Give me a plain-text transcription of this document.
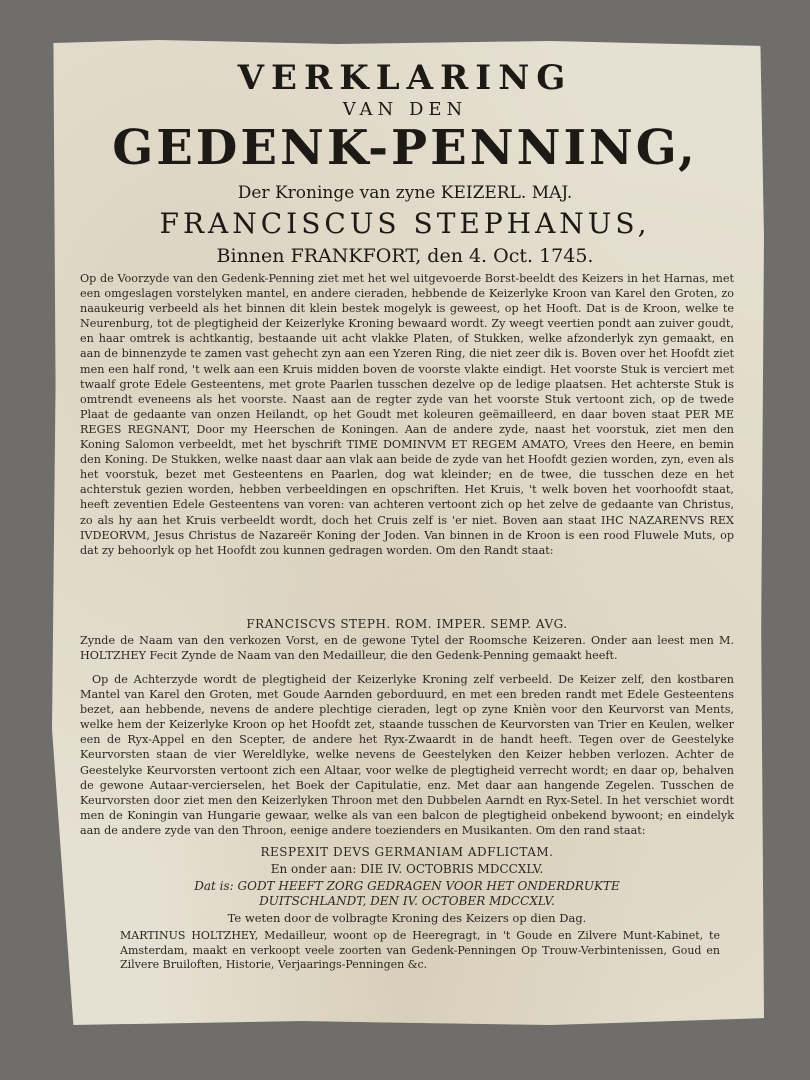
VERKLARING
VAN DEN
GEDENK-PENNING,
Der Kroninge van zyne KEIZERL. MAJ.
FRANCISCUS STEPHANUS,
Binnen FRANKFORT, den 4. Oct. 1745.

Op de Voorzyde van den Gedenk-Penning ziet met het wel uitgevoerde Borst-beeldt des Keizers in het Harnas, met een omgeslagen vorstelyken mantel, en andere cieraden, hebbende de Keizerlyke Kroon van Karel den Groten, zo naaukeurig verbeeld als het binnen dit klein bestek mogelyk is geweest, op het Hooft. Dat is de Kroon, welke te Neurenburg, tot de plegtigheid der Keizerlyke Kroning bewaard wordt. Zy weegt veertien pondt aan zuiver goudt, en haar omtrek is achtkantig, bestaande uit acht vlakke Platen, of Stukken, welke afzonderlyk zyn gemaakt, en aan de binnenzyde te zamen vast gehecht zyn aan een Yzeren Ring, die niet zeer dik is. Boven over het Hoofdt ziet men een half rond, 't welk aan een Kruis midden boven de voorste vlakte eindigt. Het voorste Stuk is verciert met twaalf grote Edele Gesteentens, met grote Paarlen tusschen dezelve op de ledige plaatsen. Het achterste Stuk is omtrendt eveneens als het voorste. Naast aan de regter zyde van het voorste Stuk vertoont zich, op de twede Plaat de gedaante van onzen Heilandt, op het Goudt met koleuren geëmailleerd, en daar boven staat PER ME REGES REGNANT, Door my Heerschen de Koningen. Aan de andere zyde, naast het voorstuk, ziet men den Koning Salomon verbeeldt, met het byschrift TIME DOMINVM ET REGEM AMATO, Vrees den Heere, en bemin den Koning. De Stukken, welke naast daar aan vlak aan beide de zyde van het Hoofdt gezien worden, zyn, even als het voorstuk, bezet met Gesteentens en Paarlen, dog wat kleinder; en de twee, die tusschen deze en het achterstuk gezien worden, hebben verbeeldingen en opschriften. Het Kruis, 't welk boven het voorhoofdt staat, heeft zeventien Edele Gesteentens van voren: van achteren vertoont zich op het zelve de gedaante van Christus, zo als hy aan het Kruis verbeeldt wordt, doch het Cruis zelf is 'er niet. Boven aan staat IHC NAZARENVS REX IVDEORVM, Jesus Christus de Nazareër Koning der Joden. Van binnen in de Kroon is een rood Fluwele Muts, op dat zy behoorlyk op het Hoofdt zou kunnen gedragen worden. Om den Randt staat:

FRANCISCVS STEPH. ROM. IMPER. SEMP. AVG.

Zynde de Naam van den verkozen Vorst, en de gewone Tytel der Roomsche Keizeren. Onder aan leest men M. HOLTZHEY Fecit Zynde de Naam van den Medailleur, die den Gedenk-Penning gemaakt heeft.

Op de Achterzyde wordt de plegtigheid der Keizerlyke Kroning zelf verbeeld. De Keizer zelf, den kostbaren Mantel van Karel den Groten, met Goude Aarnden geborduurd, en met een breden randt met Edele Gesteentens bezet, aan hebbende, nevens de andere plechtige cieraden, legt op zyne Knièn voor den Keurvorst van Ments, welke hem der Keizerlyke Kroon op het Hoofdt zet, staande tusschen de Keurvorsten van Trier en Keulen, welker een de Ryx-Appel en den Scepter, de andere het Ryx-Zwaardt in de handt heeft. Tegen over de Geestelyke Keurvorsten staan de vier Wereldlyke, welke nevens de Geestelyken den Keizer hebben verlozen. Achter de Geestelyke Keurvorsten vertoont zich een Altaar, voor welke de plegtigheid verrecht wordt; en daar op, behalven de gewone Autaar-vercierselen, het Boek der Capitulatie, enz. Met daar aan hangende Zegelen. Tusschen de Keurvorsten door ziet men den Keizerlyken Throon met den Dubbelen Aarndt en Ryx-Setel. In het verschiet wordt men de Koningin van Hungarie gewaar, welke als van een balcon de plegtigheid onbekend bywoont; en eindelyk aan de andere zyde van den Throon, eenige andere toezienders en Musikanten. Om den rand staat:

RESPEXIT DEVS GERMANIAM ADFLICTAM.
En onder aan: DIE IV. OCTOBRIS MDCCXLV.
Dat is: GODT HEEFT ZORG GEDRAGEN VOOR HET ONDERDRUKTE
DUITSCHLANDT, DEN IV. OCTOBER MDCCXLV.
Te weten door de volbragte Kroning des Keizers op dien Dag.

MARTINUS HOLTZHEY, Medailleur, woont op de Heeregragt, in 't Goude en Zilvere Munt-Kabinet, te Amsterdam, maakt en verkoopt veele zoorten van Gedenk-Penningen Op Trouw-Verbintenissen, Goud en Zilvere Bruiloften, Historie, Verjaarings-Penningen &c.
